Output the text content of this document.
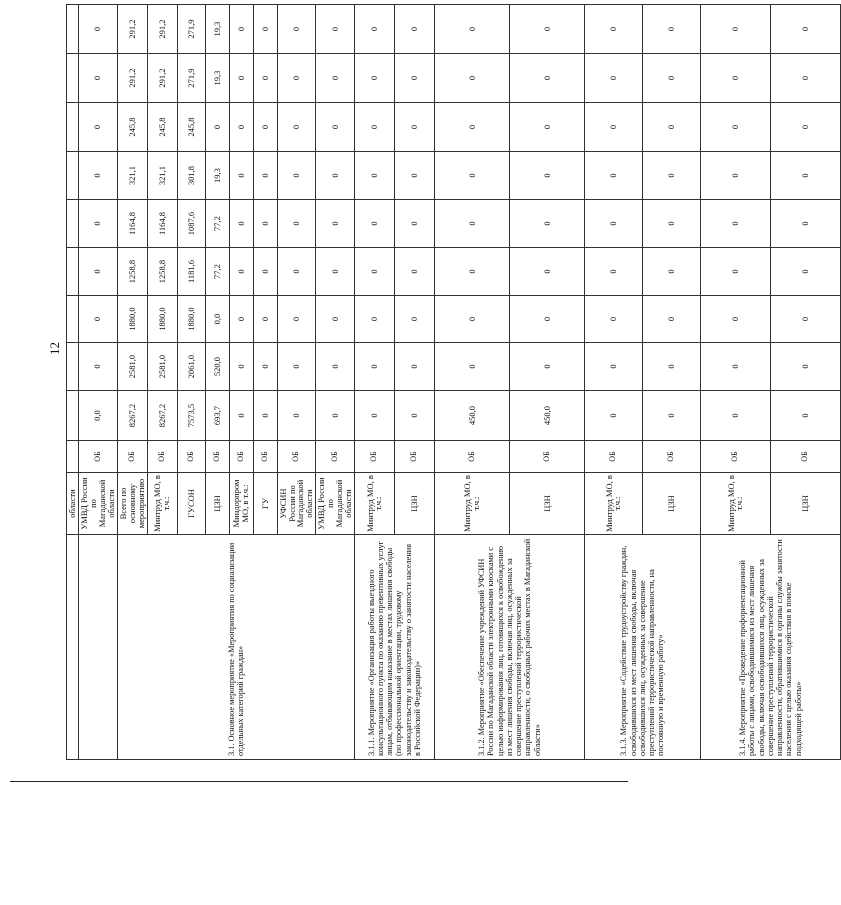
12
	области										
	УМВД России по Магаданской области	ОБ	0,0	0	0	0	0	0	0	0	0
3.1. Основное мероприятие «Мероприятия по социализации отдельных категорий граждан»	Всего по основному мероприятию	ОБ	8267,2	2581,0	1880,0	1258,8	1164,8	321,1	245,8	291,2	291,2
	Минтруд МО, в т.ч.:	ОБ	8267,2	2581,0	1880,0	1258,8	1164,8	321,1	245,8	291,2	291,2
	ГУСОН	ОБ	7573,5	2061,0	1880,0	1181,6	1087,6	301,8	245,8	271,9	271,9
	ЦЗН	ОБ	693,7	520,0	0,0	77,2	77,2	19,3	0	19,3	19,3
	Миндорпром МО, в т.ч.:	ОБ	0	0	0	0	0	0	0	0	0
	ГУ	ОБ	0	0	0	0	0	0	0	0	0
	УФСИН России по Магаданской области	ОБ	0	0	0	0	0	0	0	0	0
	УМВД России по Магаданской области	ОБ	0	0	0	0	0	0	0	0	0
3.1.1. Мероприятие «Организация работы выездного консультационного пункта по оказанию превентивных услуг лицам, отбывающим наказание в местах лишения свободы (по профессиональной ориентации, трудовому законодательству и законодательству о занятости населения в Российской Федерации)»	Минтруд МО, в т.ч.:	ОБ	0	0	0	0	0	0	0	0	0
	ЦЗН	ОБ	0	0	0	0	0	0	0	0	0
3.1.2. Мероприятие «Обеспечение учреждений УФСИН России по Магаданской области электронными киосками с целью информирования лиц, готовящихся к освобождению из мест лишения свободы, включая лиц, осужденных за совершение преступлений террористической направленности, о свободных рабочих местах в Магаданской области»	Минтруд МО, в т.ч.:	ОБ	450,0	0	0	0	0	0	0	0	0
	ЦЗН	ОБ	450,0	0	0	0	0	0	0	0	0
3.1.3. Мероприятие «Содействие трудоустройству граждан, освободившихся из мест лишения свободы, включая освободившихся лиц, осужденных за совершение преступлений террористической направленности, на постоянную и временную работу»	Минтруд МО, в т.ч.:	ОБ	0	0	0	0	0	0	0	0	0
	ЦЗН	ОБ	0	0	0	0	0	0	0	0	0
3.1.4. Мероприятие «Проведение профориентационной работы с лицами, освободившимися из мест лишения свободы, включая освободившихся лиц, осужденных за совершение преступлений террористической направленности, обратившимися в органы службы занятости населения с целью оказания содействия в поиске подходящей работы»	Минтруд МО, в т.ч.:	ОБ	0	0	0	0	0	0	0	0	0
	ЦЗН	ОБ	0	0	0	0	0	0	0	0	0
